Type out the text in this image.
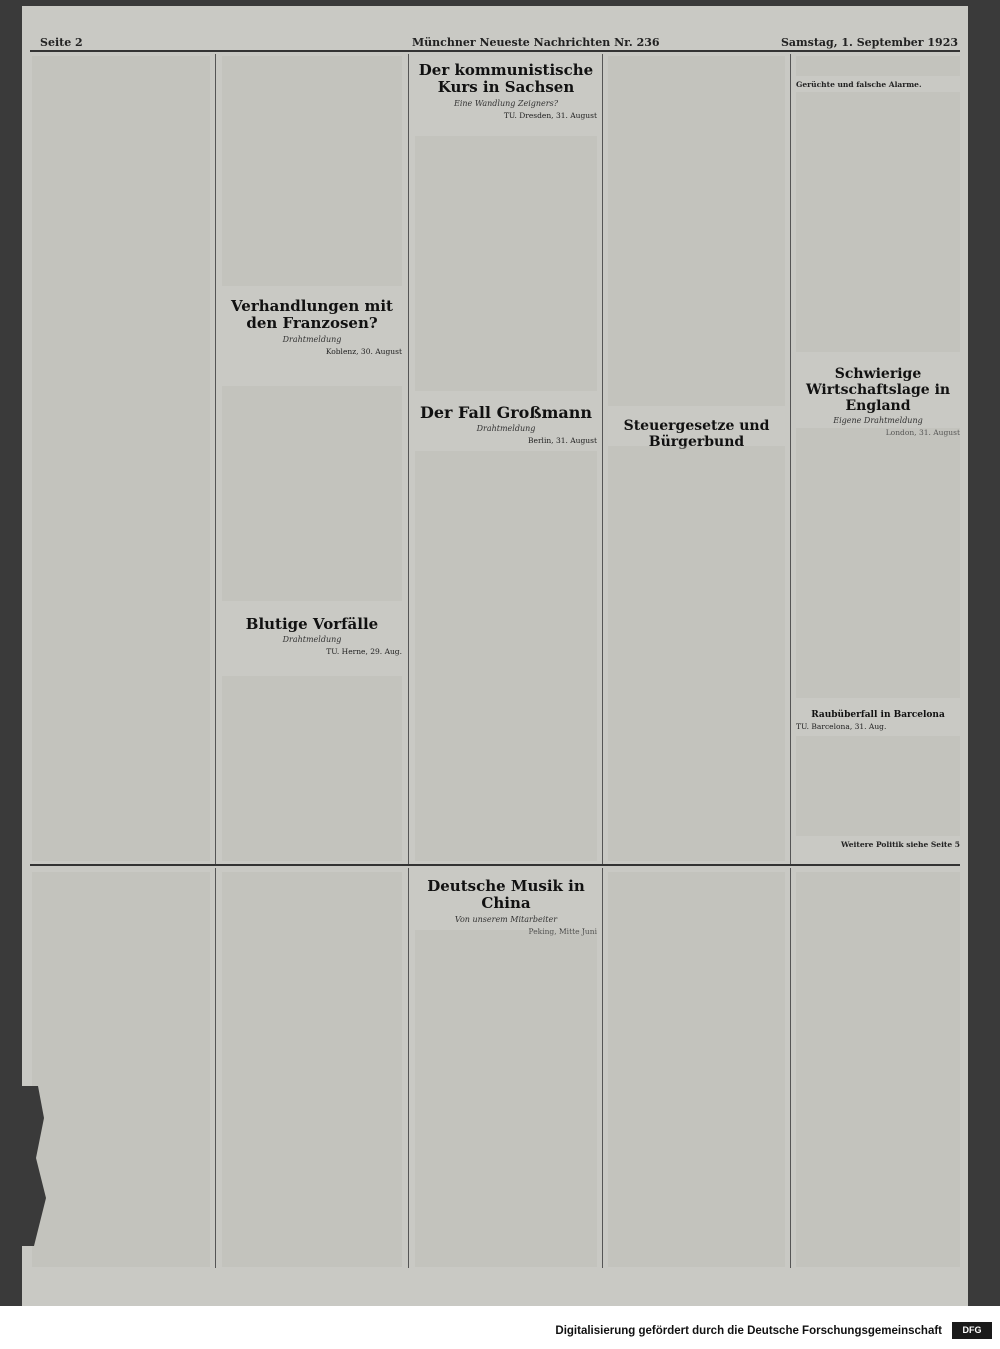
Seite 2	Münchner Neueste Nachrichten Nr. 236	Samstag, 1. September 1923
Verhandlungen mit den Franzosen?
Drahtmeldung
Koblenz, 30. August
Blutige Vorfälle
Drahtmeldung
TU. Herne, 29. Aug.
Der kommunistische Kurs in Sachsen
Eine Wandlung Zeigners?
TU. Dresden, 31. August
Der Fall Großmann
Drahtmeldung
Berlin, 31. August
Steuergesetze und Bürgerbund
Gerüchte und falsche Alarme.
Schwierige Wirtschaftslage in England
Eigene Drahtmeldung
London, 31. August
Raubüberfall in Barcelona
TU. Barcelona, 31. Aug.
Weitere Politik siehe Seite 5
Deutsche Musik in China
Von unserem Mitarbeiter
Peking, Mitte Juni
Digitalisierung gefördert durch die Deutsche Forschungsgemeinschaft	DFG
